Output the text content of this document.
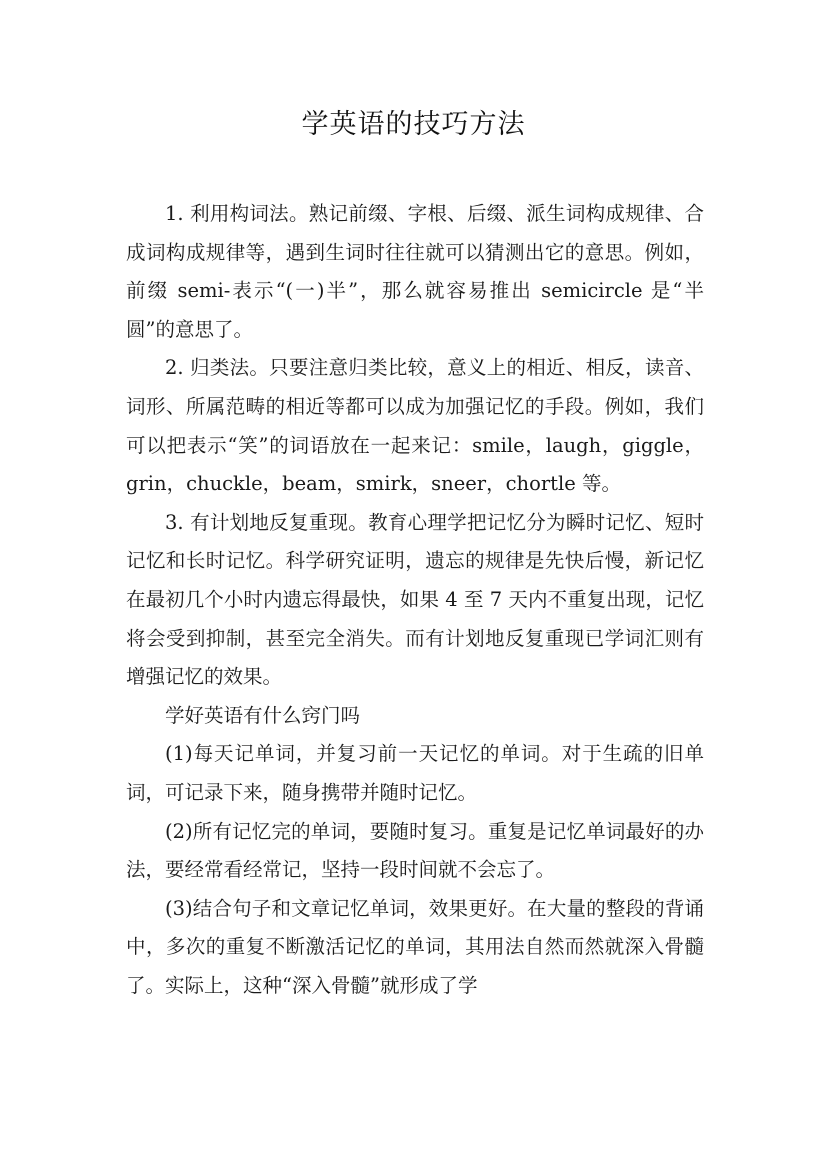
学英语的技巧方法

1. 利用构词法。熟记前缀、字根、后缀、派生词构成规律、合成词构成规律等，遇到生词时往往就可以猜测出它的意思。例如，前缀 semi-表示“(一)半”，那么就容易推出 semicircle 是“半圆”的意思了。

2. 归类法。只要注意归类比较，意义上的相近、相反，读音、词形、所属范畴的相近等都可以成为加强记忆的手段。例如，我们可以把表示“笑”的词语放在一起来记：smile，laugh，giggle，grin，chuckle，beam，smirk，sneer，chortle 等。

3. 有计划地反复重现。教育心理学把记忆分为瞬时记忆、短时记忆和长时记忆。科学研究证明，遗忘的规律是先快后慢，新记忆在最初几个小时内遗忘得最快，如果 4 至 7 天内不重复出现，记忆将会受到抑制，甚至完全消失。而有计划地反复重现已学词汇则有增强记忆的效果。

学好英语有什么窍门吗

(1)每天记单词，并复习前一天记忆的单词。对于生疏的旧单词，可记录下来，随身携带并随时记忆。

(2)所有记忆完的单词，要随时复习。重复是记忆单词最好的办法，要经常看经常记，坚持一段时间就不会忘了。

(3)结合句子和文章记忆单词，效果更好。在大量的整段的背诵中，多次的重复不断激活记忆的单词，其用法自然而然就深入骨髓了。实际上，这种“深入骨髓”就形成了学
